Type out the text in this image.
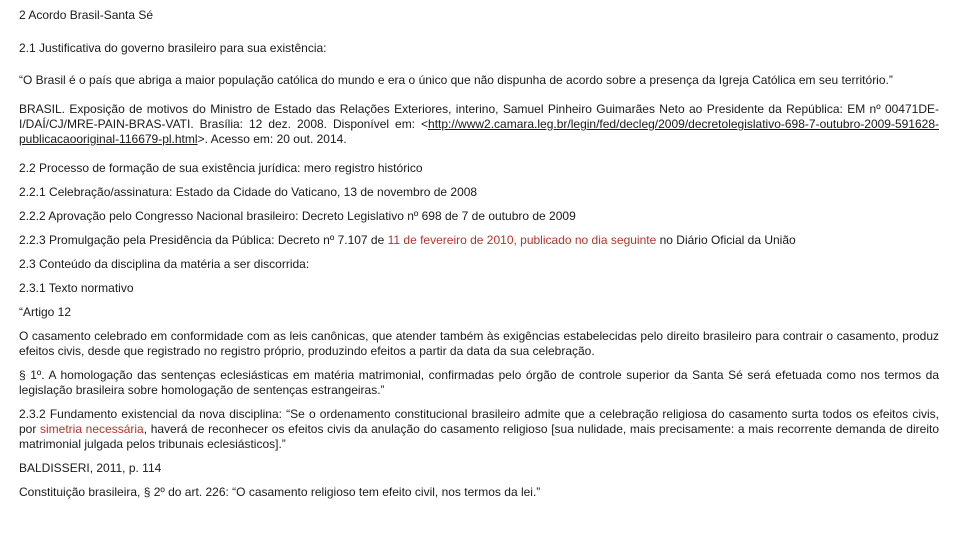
2 Acordo Brasil-Santa Sé

2.1 Justificativa do governo brasileiro para sua existência:

“O Brasil é o país que abriga a maior população católica do mundo e era o único que não dispunha de acordo sobre a presença da Igreja Católica em seu território.”

BRASIL. Exposição de motivos do Ministro de Estado das Relações Exteriores, interino, Samuel Pinheiro Guimarães Neto ao Presidente da República: EM nº 00471DE-I/DAÍ/CJ/MRE-PAIN-BRAS-VATI. Brasília: 12 dez. 2008. Disponível em: <http://www2.camara.leg.br/legin/fed/decleg/2009/decretolegislativo-698-7-outubro-2009-591628-publicacaooriginal-116679-pl.html>. Acesso em: 20 out. 2014.

2.2 Processo de formação de sua existência jurídica: mero registro histórico

2.2.1 Celebração/assinatura: Estado da Cidade do Vaticano, 13 de novembro de 2008

2.2.2 Aprovação pelo Congresso Nacional brasileiro: Decreto Legislativo nº 698 de 7 de outubro de 2009

2.2.3 Promulgação pela Presidência da Pública: Decreto nº 7.107 de 11 de fevereiro de 2010, publicado no dia seguinte no Diário Oficial da União

2.3 Conteúdo da disciplina da matéria a ser discorrida:

2.3.1 Texto normativo

“Artigo 12

O casamento celebrado em conformidade com as leis canônicas, que atender também às exigências estabelecidas pelo direito brasileiro para contrair o casamento, produz efeitos civis, desde que registrado no registro próprio, produzindo efeitos a partir da data da sua celebração.

§ 1º. A homologação das sentenças eclesiásticas em matéria matrimonial, confirmadas pelo órgão de controle superior da Santa Sé será efetuada como nos termos da legislação brasileira sobre homologação de sentenças estrangeiras.”

2.3.2 Fundamento existencial da nova disciplina: “Se o ordenamento constitucional brasileiro admite que a celebração religiosa do casamento surta todos os efeitos civis, por simetria necessária, haverá de reconhecer os efeitos civis da anulação do casamento religioso [sua nulidade, mais precisamente: a mais recorrente demanda de direito matrimonial julgada pelos tribunais eclesiásticos].”

BALDISSERI, 2011, p. 114

Constituição brasileira, § 2º do art. 226: “O casamento religioso tem efeito civil, nos termos da lei.”
